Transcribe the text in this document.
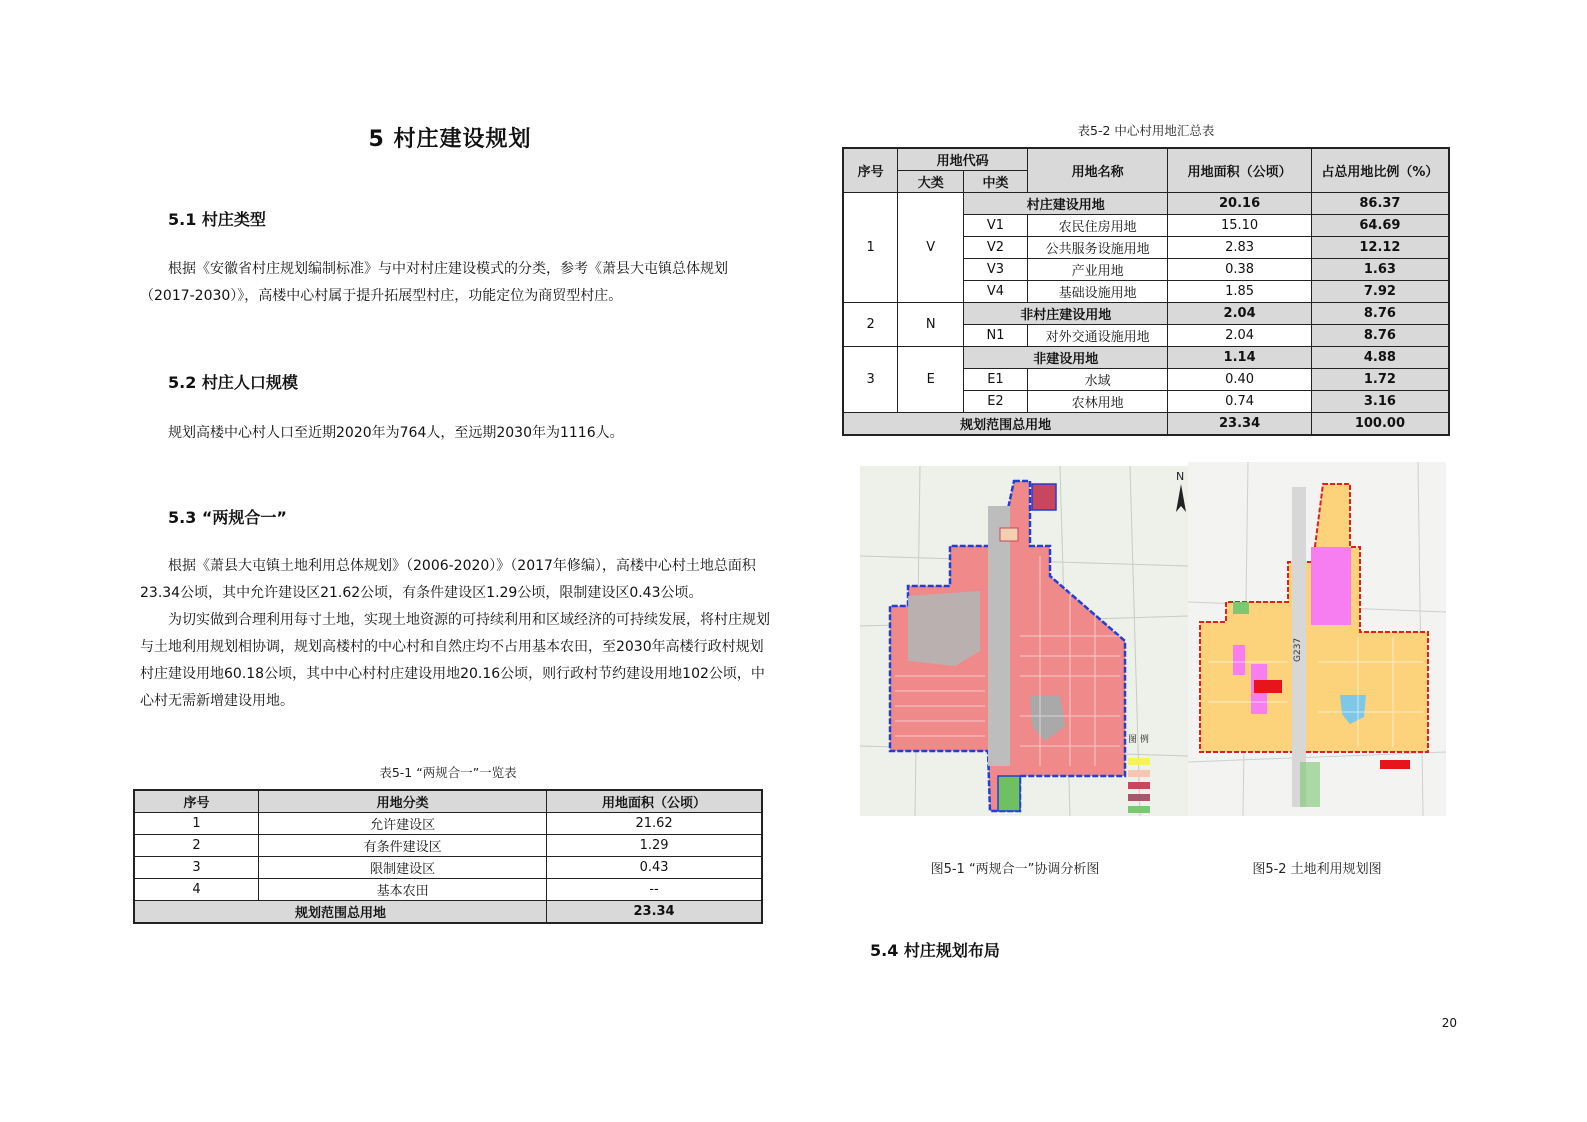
5 村庄建设规划
5.1 村庄类型

根据《安徽省村庄规划编制标准》与中对村庄建设模式的分类，参考《萧县大屯镇总体规划（2017-2030）》，高楼中心村属于提升拓展型村庄，功能定位为商贸型村庄。

5.2 村庄人口规模

规划高楼中心村人口至近期2020年为764人，至远期2030年为1116人。

5.3 “两规合一”

根据《萧县大屯镇土地利用总体规划》（2006-2020）》（2017年修编），高楼中心村土地总面积23.34公顷，其中允许建设区21.62公顷，有条件建设区1.29公顷，限制建设区0.43公顷。

为切实做到合理利用每寸土地，实现土地资源的可持续利用和区域经济的可持续发展，将村庄规划与土地利用规划相协调，规划高楼村的中心村和自然庄均不占用基本农田，至2030年高楼行政村规划村庄建设用地60.18公顷，其中中心村村庄建设用地20.16公顷，则行政村节约建设用地102公顷，中心村无需新增建设用地。

表5-1 “两规合一”一览表
序号	用地分类	用地面积（公顷）
1	允许建设区	21.62
2	有条件建设区	1.29
3	限制建设区	0.43
4	基本农田	--
规划范围总用地		23.34
表5-2 中心村用地汇总表
序号	用地代码		用地名称	用地面积（公顷）	占总用地比例（%）
	大类	中类			
1	V	村庄建设用地		20.16	86.37
		V1	农民住房用地	15.10	64.69
		V2	公共服务设施用地	2.83	12.12
		V3	产业用地	0.38	1.63
		V4	基础设施用地	1.85	7.92
2	N	非村庄建设用地		2.04	8.76
		N1	对外交通设施用地	2.04	8.76
3	E	非建设用地		1.14	4.88
		E1	水域	0.40	1.72
		E2	农林用地	0.74	3.16
规划范围总用地				23.34	100.00
图 例
N
G237
图5-1 “两规合一”协调分析图	图5-2 土地利用规划图
5.4 村庄规划布局
20
